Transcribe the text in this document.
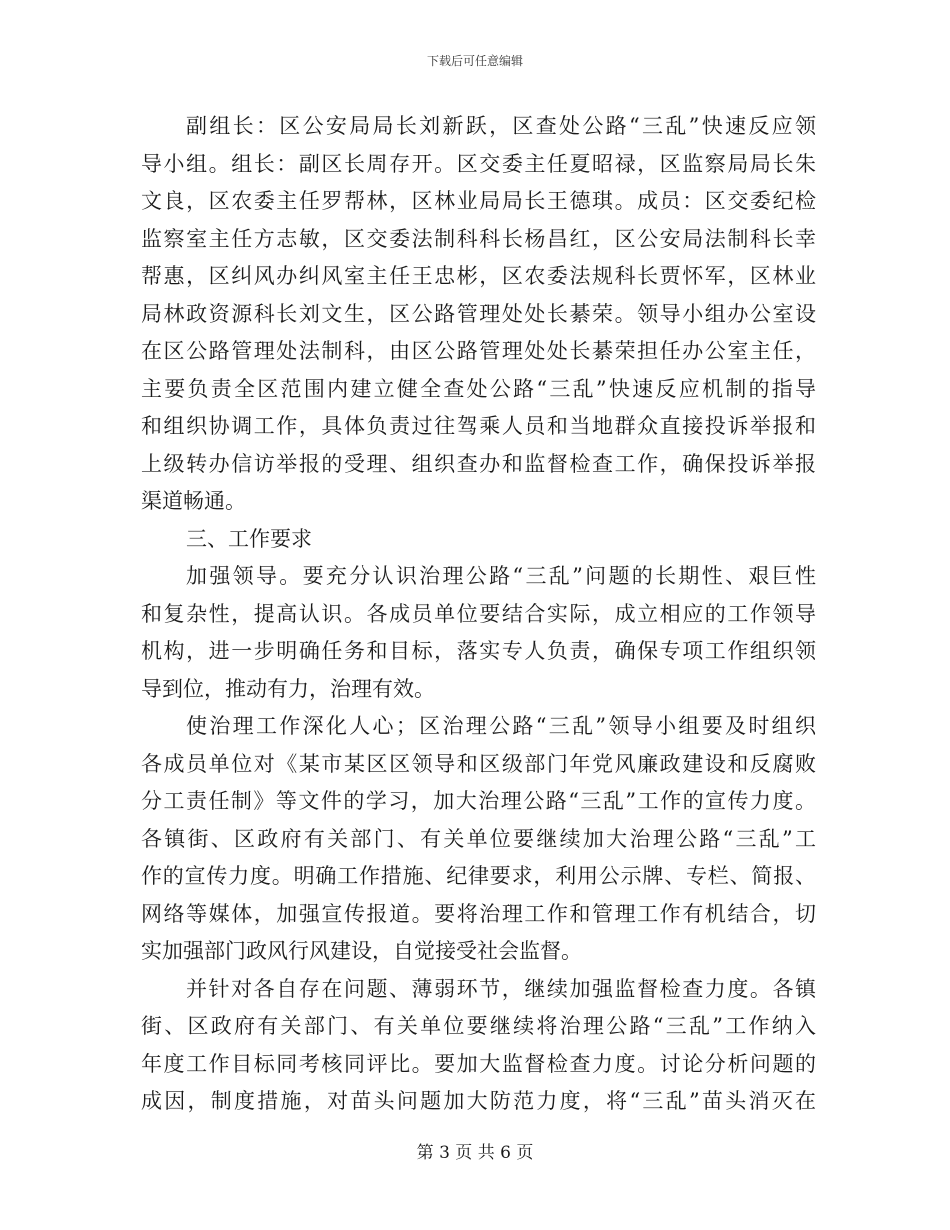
下载后可任意编辑
副组长：区公安局局长刘新跃，区查处公路“三乱”快速反应领
导小组。组长：副区长周存开。区交委主任夏昭禄，区监察局局长朱
文良，区农委主任罗帮林，区林业局局长王德琪。成员：区交委纪检
监察室主任方志敏，区交委法制科科长杨昌红，区公安局法制科长幸
帮惠，区纠风办纠风室主任王忠彬，区农委法规科长贾怀军，区林业
局林政资源科长刘文生，区公路管理处处长綦荣。领导小组办公室设
在区公路管理处法制科，由区公路管理处处长綦荣担任办公室主任，
主要负责全区范围内建立健全查处公路“三乱”快速反应机制的指导
和组织协调工作，具体负责过往驾乘人员和当地群众直接投诉举报和
上级转办信访举报的受理、组织查办和监督检查工作，确保投诉举报
渠道畅通。
三、工作要求
加强领导。要充分认识治理公路“三乱”问题的长期性、艰巨性
和复杂性，提高认识。各成员单位要结合实际，成立相应的工作领导
机构，进一步明确任务和目标，落实专人负责，确保专项工作组织领
导到位，推动有力，治理有效。
使治理工作深化人心；区治理公路“三乱”领导小组要及时组织
各成员单位对《某市某区区领导和区级部门年党风廉政建设和反腐败
分工责任制》等文件的学习，加大治理公路“三乱”工作的宣传力度。
各镇街、区政府有关部门、有关单位要继续加大治理公路“三乱”工
作的宣传力度。明确工作措施、纪律要求，利用公示牌、专栏、简报、
网络等媒体，加强宣传报道。要将治理工作和管理工作有机结合，切
实加强部门政风行风建设，自觉接受社会监督。
并针对各自存在问题、薄弱环节，继续加强监督检查力度。各镇
街、区政府有关部门、有关单位要继续将治理公路“三乱”工作纳入
年度工作目标同考核同评比。要加大监督检查力度。讨论分析问题的
成因，制度措施，对苗头问题加大防范力度，将“三乱”苗头消灭在
第 3 页 共 6 页
